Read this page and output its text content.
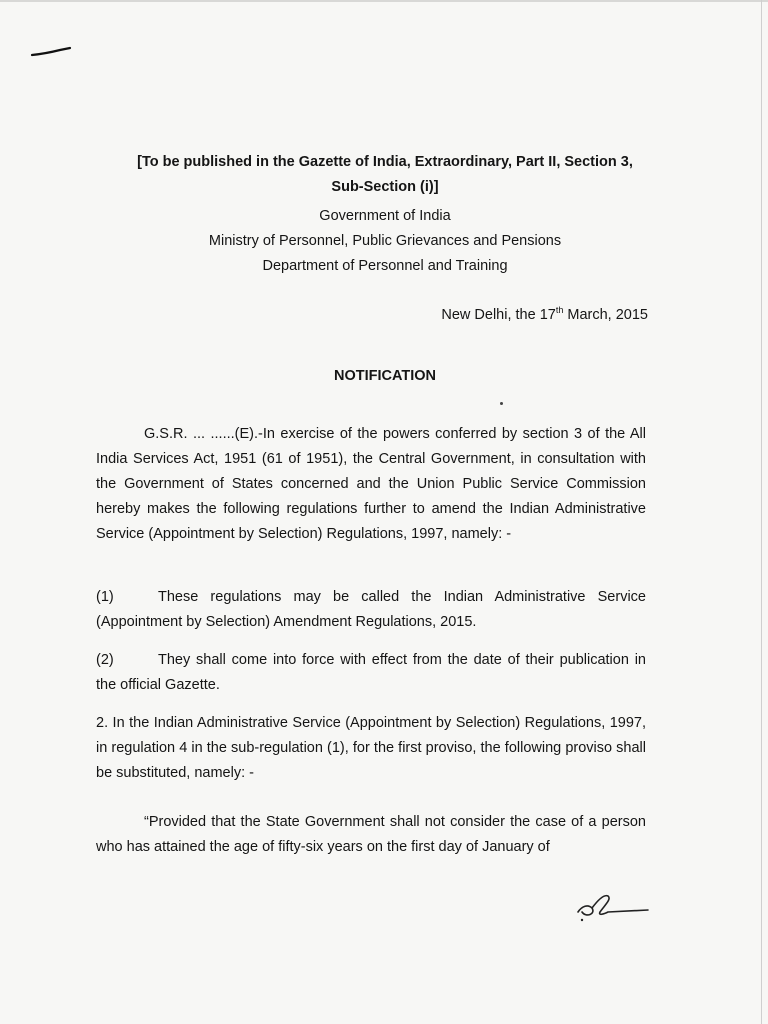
[To be published in the Gazette of India, Extraordinary, Part II, Section 3,
Sub-Section (i)]
Government of India
Ministry of Personnel, Public Grievances and Pensions
Department of Personnel and Training
New Delhi, the 17th March, 2015
NOTIFICATION
G.S.R. ... ......(E).-In exercise of the powers conferred by section 3 of the All India Services Act, 1951 (61 of 1951), the Central Government, in consultation with the Government of States concerned and the Union Public Service Commission hereby makes the following regulations further to amend the Indian Administrative Service (Appointment by Selection) Regulations, 1997, namely: -
(1)	These regulations may be called the Indian Administrative Service (Appointment by Selection) Amendment Regulations, 2015.
(2)	They shall come into force with effect from the date of their publication in the official Gazette.
2. In the Indian Administrative Service (Appointment by Selection) Regulations, 1997, in regulation 4 in the sub-regulation (1), for the first proviso, the following proviso shall be substituted, namely: -
“Provided that the State Government shall not consider the case of a person who has attained the age of fifty-six years on the first day of January of
